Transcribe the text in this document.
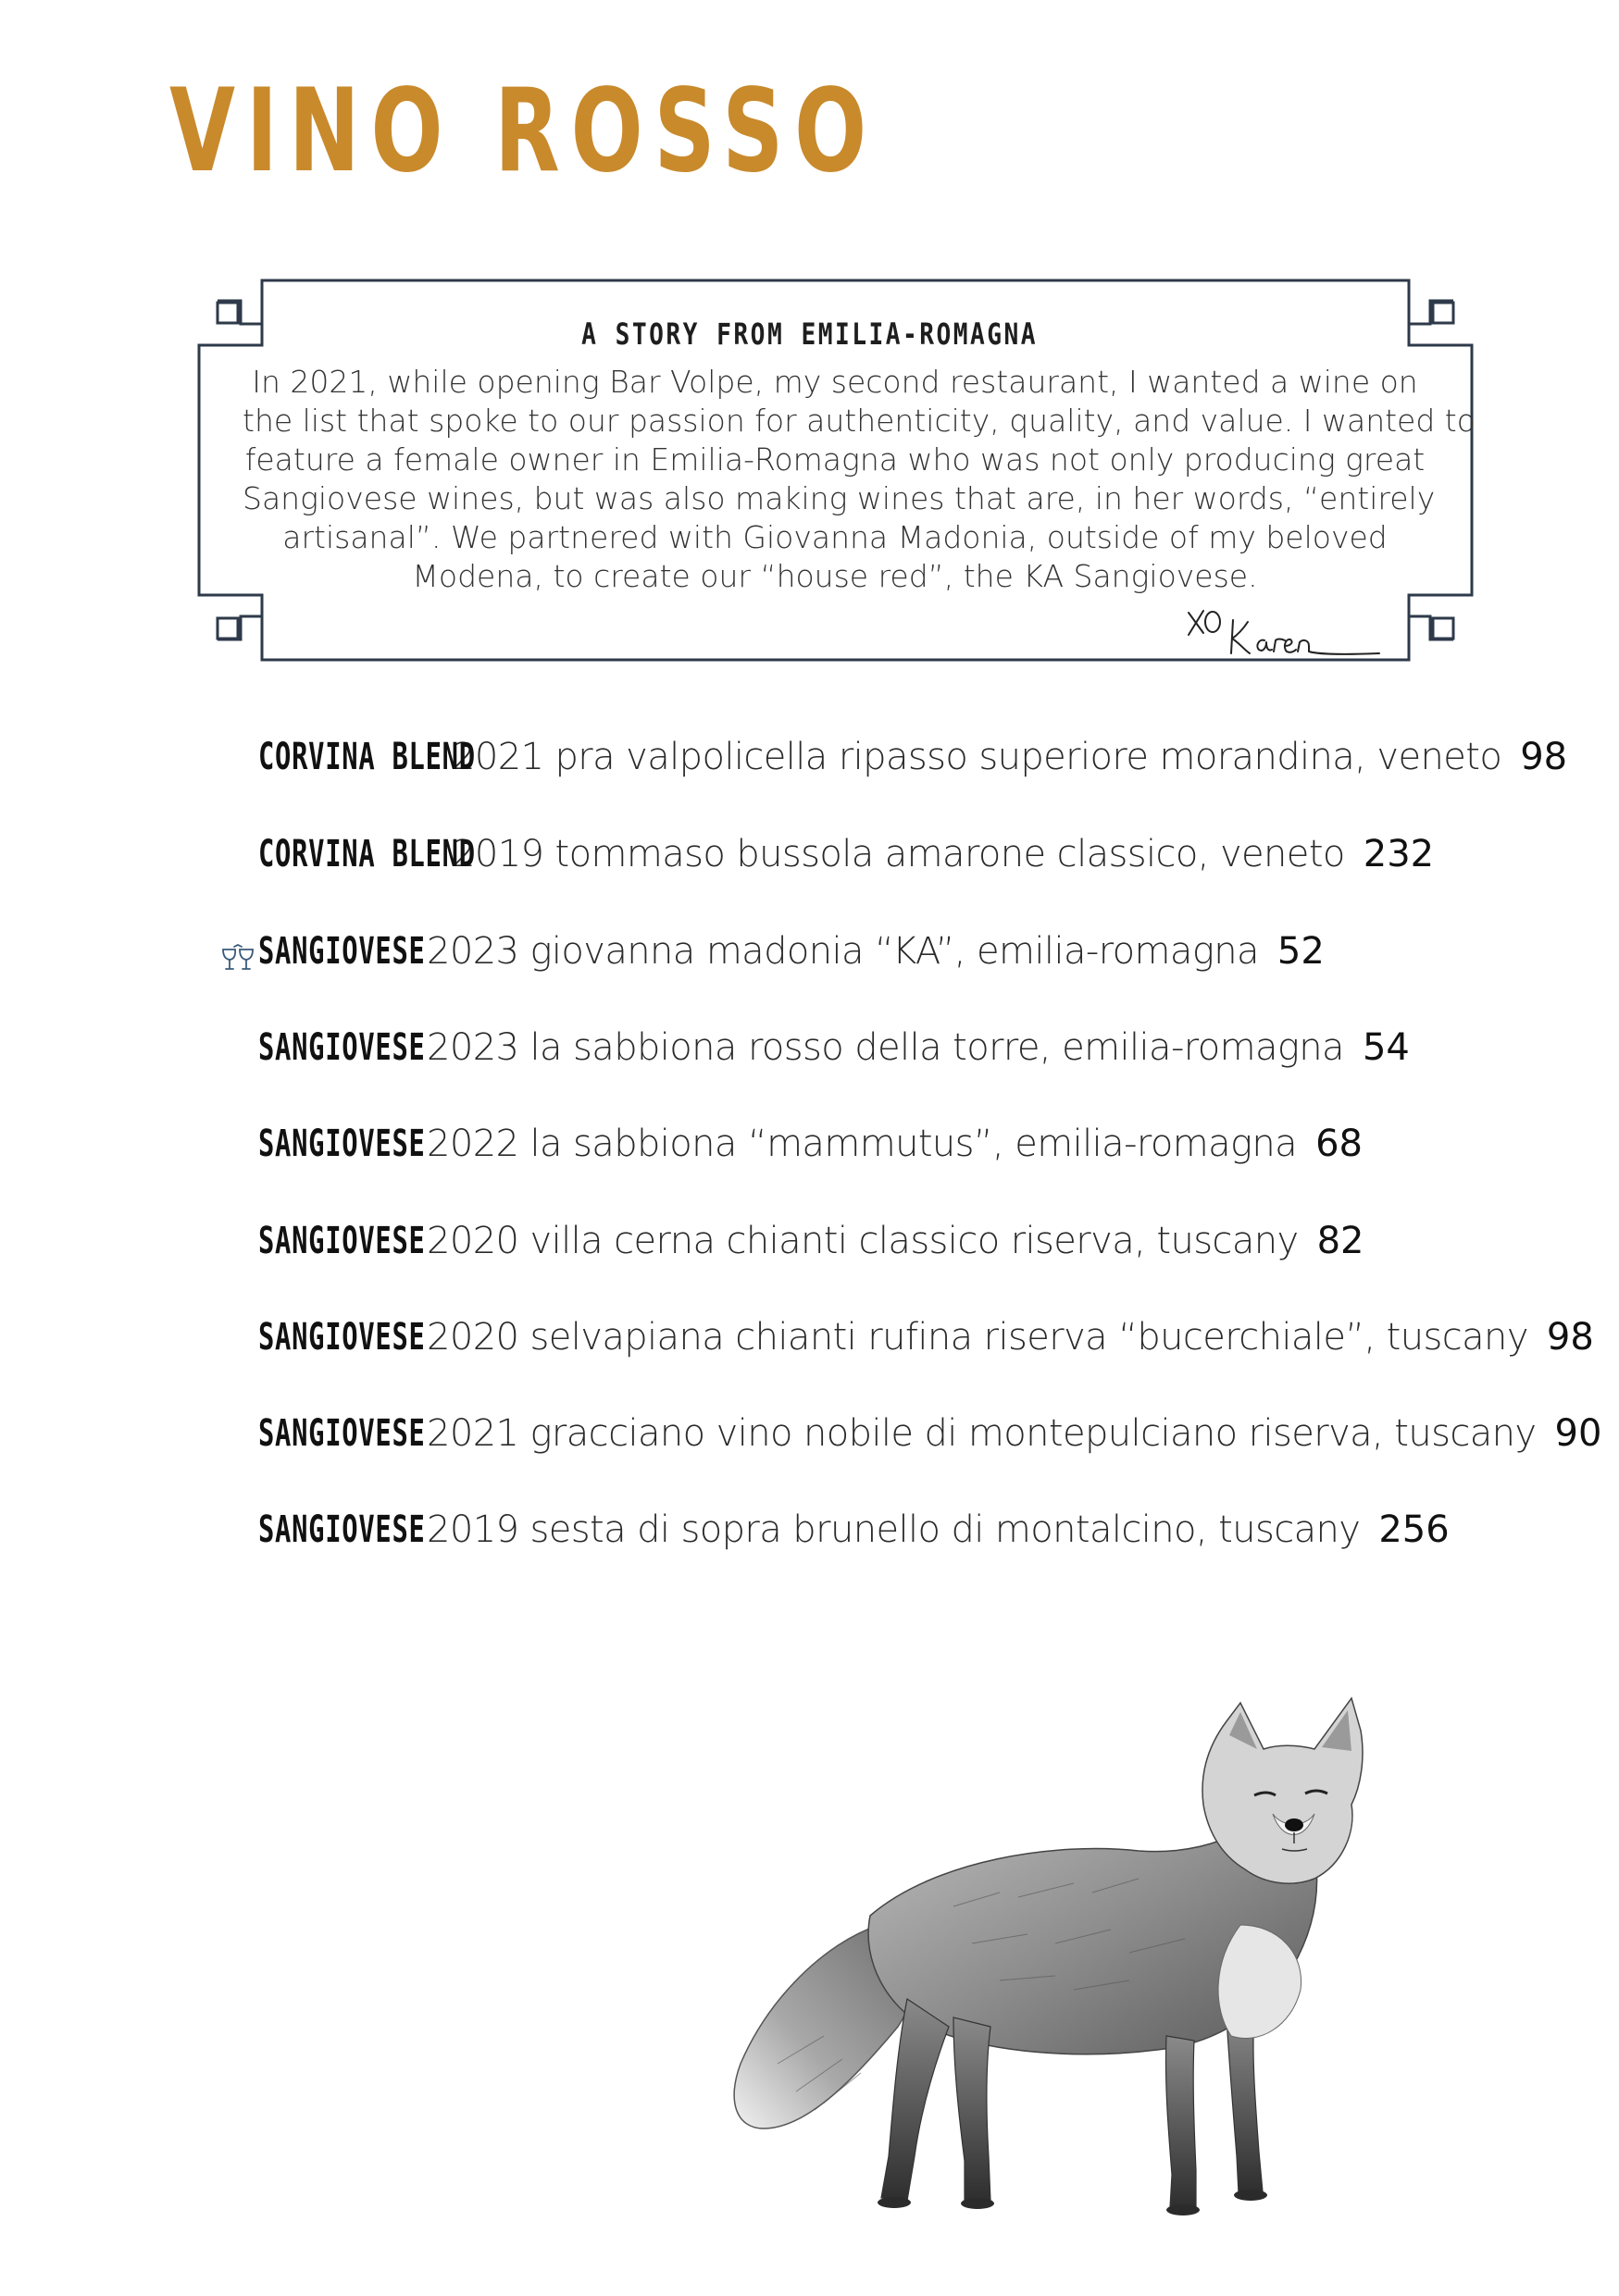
VINO ROSSO
A STORY FROM EMILIA-ROMAGNA
In 2021, while opening Bar Volpe, my second restaurant, I wanted a wine on
the list that spoke to our passion for authenticity, quality, and value. I wanted to
feature a female owner in Emilia-Romagna who was not only producing great
Sangiovese wines, but was also making wines that are, in her words, “entirely
artisanal”. We partnered with Giovanna Madonia, outside of my beloved
Modena, to create our “house red”, the KA Sangiovese.
CORVINA BLEND
2021 pra valpolicella ripasso superiore morandina, veneto 98
CORVINA BLEND
2019 tommaso bussola amarone classico, veneto 232
SANGIOVESE 2023 giovanna madonia “KA”, emilia-romagna 52
SANGIOVESE 2023 la sabbiona rosso della torre, emilia-romagna 54
SANGIOVESE 2022 la sabbiona “mammutus”, emilia-romagna 68
SANGIOVESE 2020 villa cerna chianti classico riserva, tuscany 82
SANGIOVESE 2020 selvapiana chianti rufina riserva “bucerchiale”, tuscany 98
SANGIOVESE 2021 gracciano vino nobile di montepulciano riserva, tuscany 90
SANGIOVESE 2019 sesta di sopra brunello di montalcino, tuscany 256
